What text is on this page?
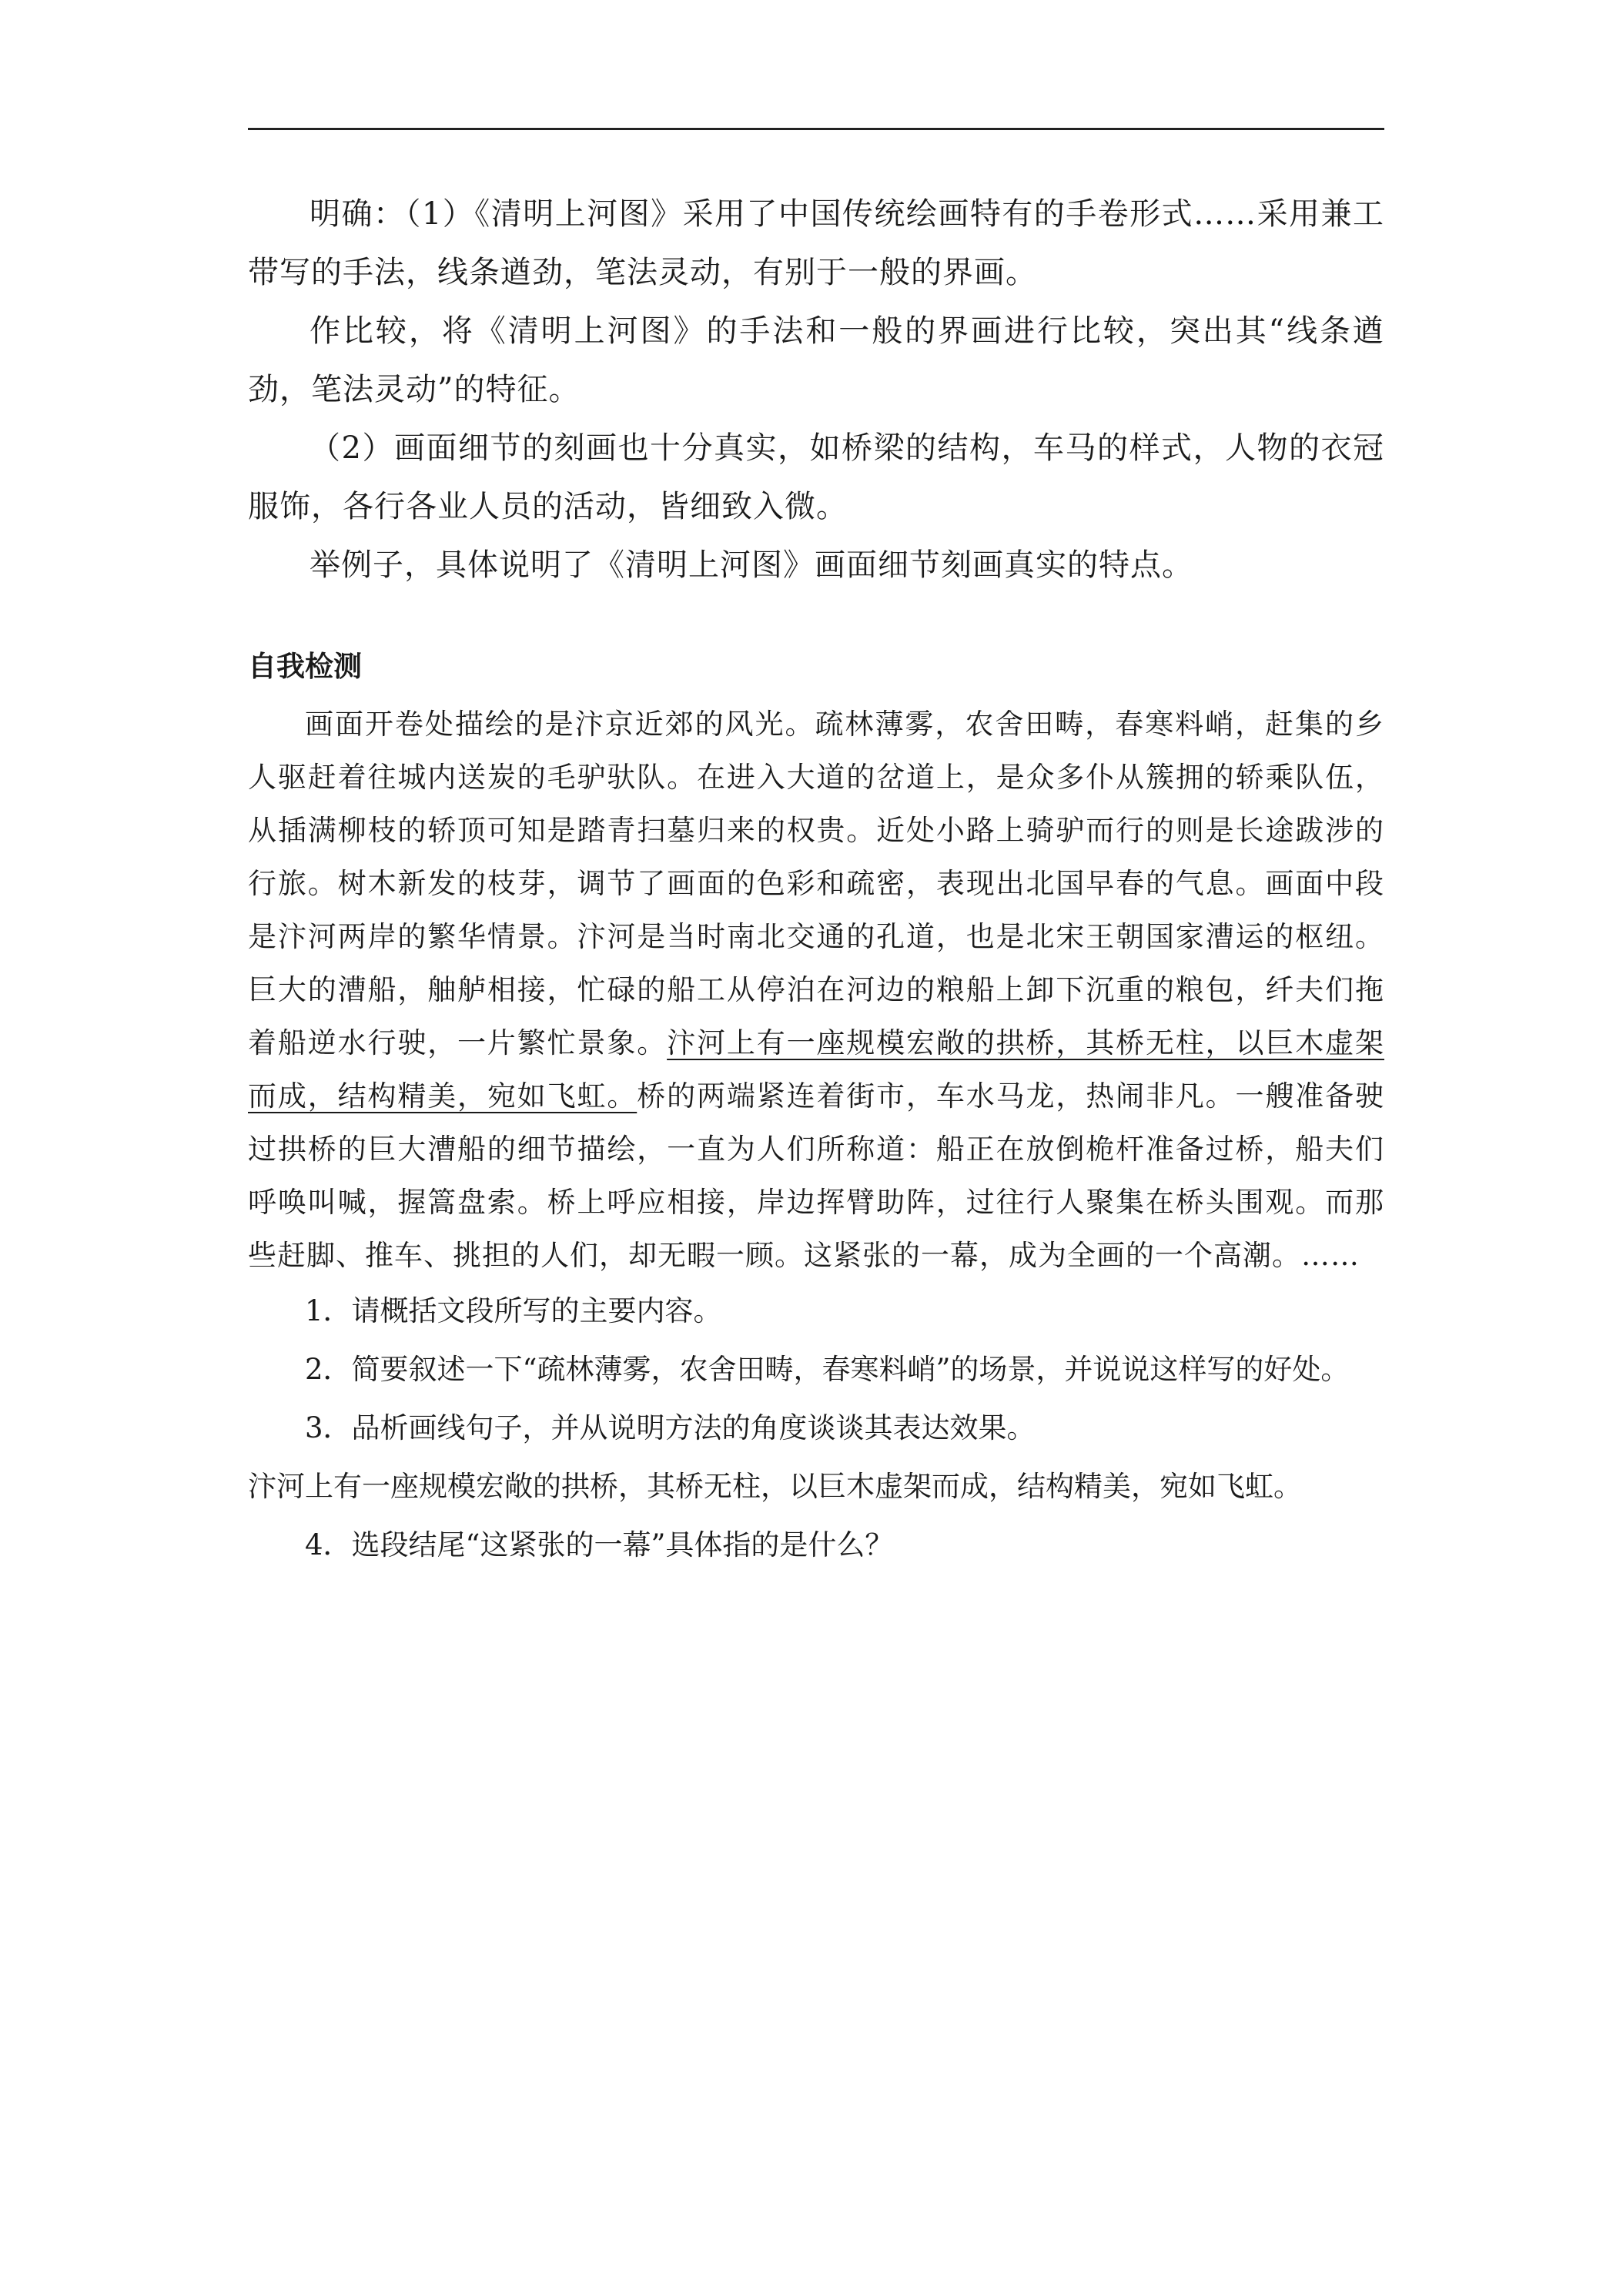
明确：（1）《清明上河图》采用了中国传统绘画特有的手卷形式……采用兼工带写的手法，线条遒劲，笔法灵动，有别于一般的界画。

作比较，将《清明上河图》的手法和一般的界画进行比较，突出其“线条遒劲，笔法灵动”的特征。

（2）画面细节的刻画也十分真实，如桥梁的结构，车马的样式，人物的衣冠服饰，各行各业人员的活动，皆细致入微。

举例子，具体说明了《清明上河图》画面细节刻画真实的特点。

自我检测

画面开卷处描绘的是汴京近郊的风光。疏林薄雾，农舍田畴，春寒料峭，赶集的乡人驱赶着往城内送炭的毛驴驮队。在进入大道的岔道上，是众多仆从簇拥的轿乘队伍，从插满柳枝的轿顶可知是踏青扫墓归来的权贵。近处小路上骑驴而行的则是长途跋涉的行旅。树木新发的枝芽，调节了画面的色彩和疏密，表现出北国早春的气息。画面中段是汴河两岸的繁华情景。汴河是当时南北交通的孔道，也是北宋王朝国家漕运的枢纽。巨大的漕船，舳舻相接，忙碌的船工从停泊在河边的粮船上卸下沉重的粮包，纤夫们拖着船逆水行驶，一片繁忙景象。汴河上有一座规模宏敞的拱桥，其桥无柱，以巨木虚架而成，结构精美，宛如飞虹。桥的两端紧连着街市，车水马龙，热闹非凡。一艘准备驶过拱桥的巨大漕船的细节描绘，一直为人们所称道：船正在放倒桅杆准备过桥，船夫们呼唤叫喊，握篙盘索。桥上呼应相接，岸边挥臂助阵，过往行人聚集在桥头围观。而那些赶脚、推车、挑担的人们，却无暇一顾。这紧张的一幕，成为全画的一个高潮。……

1．请概括文段所写的主要内容。

2．简要叙述一下“疏林薄雾，农舍田畴，春寒料峭”的场景，并说说这样写的好处。

3．品析画线句子，并从说明方法的角度谈谈其表达效果。

汴河上有一座规模宏敞的拱桥，其桥无柱，以巨木虚架而成，结构精美，宛如飞虹。

4．选段结尾“这紧张的一幕”具体指的是什么？
